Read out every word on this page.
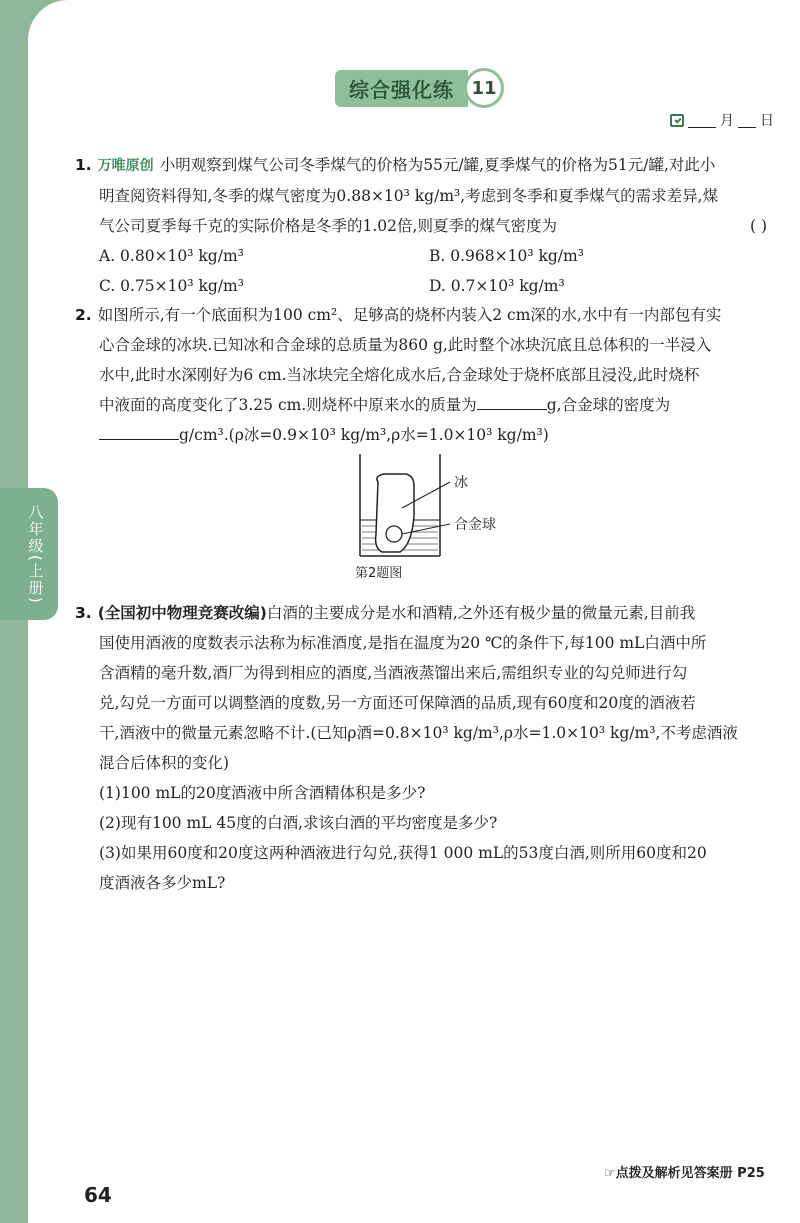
八年级(上册)
综合强化练 11
月 日
1. 万唯原创 小明观察到煤气公司冬季煤气的价格为55元/罐,夏季煤气的价格为51元/罐,对此小
明查阅资料得知,冬季的煤气密度为0.88×10³ kg/m³,考虑到冬季和夏季煤气的需求差异,煤
气公司夏季每千克的实际价格是冬季的1.02倍,则夏季的煤气密度为	( )
A. 0.80×10³ kg/m³	B. 0.968×10³ kg/m³
C. 0.75×10³ kg/m³	D. 0.7×10³ kg/m³
2. 如图所示,有一个底面积为100 cm²、足够高的烧杯内装入2 cm深的水,水中有一内部包有实
心合金球的冰块.已知冰和合金球的总质量为860 g,此时整个冰块沉底且总体积的一半浸入
水中,此时水深刚好为6 cm.当冰块完全熔化成水后,合金球处于烧杯底部且浸没,此时烧杯
中液面的高度变化了3.25 cm.则烧杯中原来水的质量为	g,合金球的密度为
g/cm³.(ρ冰=0.9×10³ kg/m³,ρ水=1.0×10³ kg/m³)
冰
合金球
第2题图
3. (全国初中物理竞赛改编)白酒的主要成分是水和酒精,之外还有极少量的微量元素,目前我
国使用酒液的度数表示法称为标准酒度,是指在温度为20 ℃的条件下,每100 mL白酒中所
含酒精的毫升数,酒厂为得到相应的酒度,当酒液蒸馏出来后,需组织专业的勾兑师进行勾
兑,勾兑一方面可以调整酒的度数,另一方面还可保障酒的品质,现有60度和20度的酒液若
干,酒液中的微量元素忽略不计.(已知ρ酒=0.8×10³ kg/m³,ρ水=1.0×10³ kg/m³,不考虑酒液
混合后体积的变化)
(1)100 mL的20度酒液中所含酒精体积是多少?
(2)现有100 mL 45度的白酒,求该白酒的平均密度是多少?
(3)如果用60度和20度这两种酒液进行勾兑,获得1 000 mL的53度白酒,则所用60度和20
度酒液各多少mL?
☞点拨及解析见答案册 P25
64
